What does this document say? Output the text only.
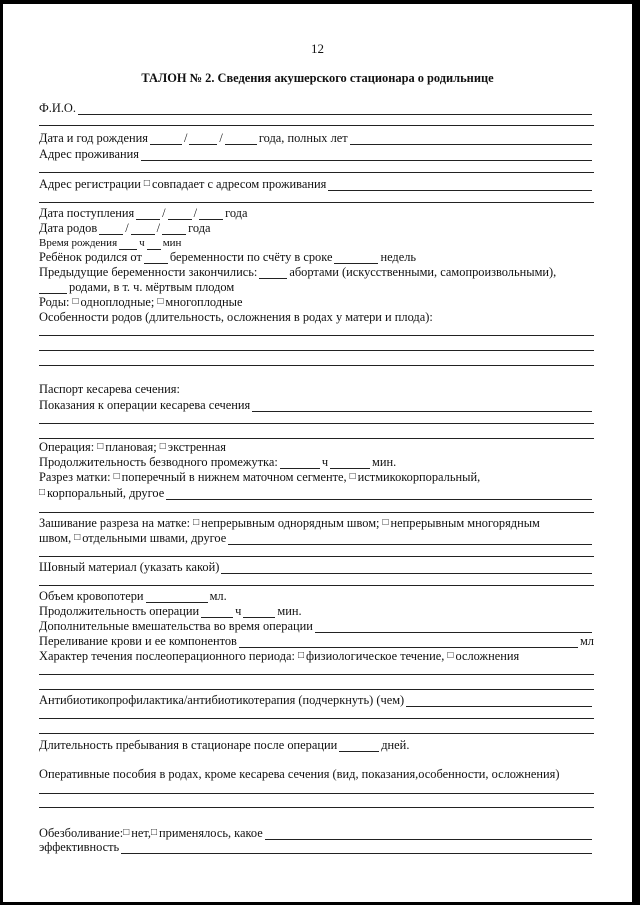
12
ТАЛОН № 2. Сведения акушерского стационара о родильнице
Ф.И.О.
Дата и год рождения	/	/	года, полных лет
Адрес проживания
Адрес регистрации □ совпадает с адресом проживания
Дата поступления / / года
Дата родов / / года
Время рождения ч мин
Ребёнок родился от беременности по счёту в сроке	недель
Предыдущие беременности закончились:	абортами (искусственными, самопроизвольными),
родами, в т. ч. мёртвым плодом
Роды: □ одноплодные; □ многоплодные
Особенности родов (длительность, осложнения в родах у матери и плода):
Паспорт кесарева сечения:
Показания к операции кесарева сечения
Операция: □ плановая; □ экстренная
Продолжительность безводного промежутка:	ч	мин.
Разрез матки: □ поперечный в нижнем маточном сегменте, □ истмикокорпоральный,
□ корпоральный, другое
Зашивание разреза на матке: □ непрерывным однорядным швом; □ непрерывным многорядным
швом, □ отдельными швами, другое
Шовный материал (указать какой)
Объем кровопотери	мл.
Продолжительность операции	ч	мин.
Дополнительные вмешательства во время операции
Переливание крови и ее компонентов	мл
Характер течения послеоперационного периода: □ физиологическое течение, □ осложнения
Антибиотикопрофилактика/антибиотикотерапия (подчеркнуть) (чем)
Длительность пребывания в стационаре после операции	дней.
Оперативные пособия в родах, кроме кесарева сечения (вид, показания,особенности, осложнения)
Обезболивание: □ нет, □ применялось, какое
эффективность
